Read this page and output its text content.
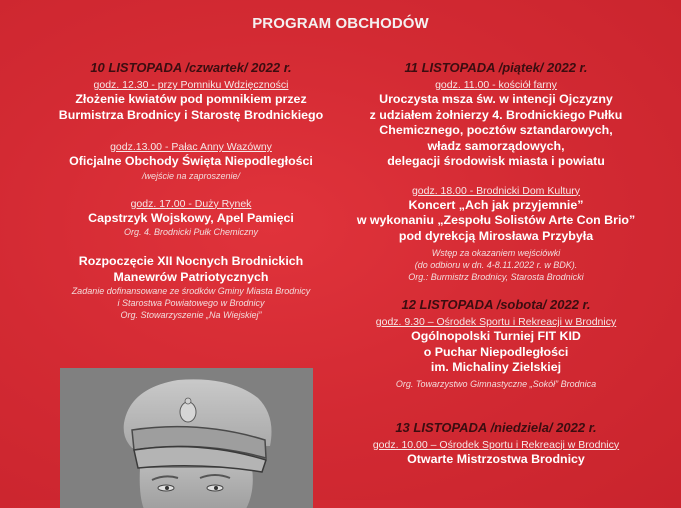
PROGRAM OBCHODÓW
10 LISTOPADA /czwartek/ 2022 r.
godz. 12.30 - przy Pomniku Wdzięczności
Złożenie kwiatów pod pomnikiem przez
Burmistrza Brodnicy i Starostę Brodnickiego
godz.13.00 - Pałac Anny Wazówny
Oficjalne Obchody Święta Niepodległości
/wejście na zaproszenie/
godz. 17.00 - Duży Rynek
Capstrzyk Wojskowy, Apel Pamięci
Org. 4. Brodnicki Pułk Chemiczny
Rozpoczęcie XII Nocnych Brodnickich
Manewrów Patriotycznych
Zadanie dofinansowane ze środków Gminy Miasta Brodnicy
i Starostwa Powiatowego w Brodnicy
Org. Stowarzyszenie „Na Wiejskiej”
11 LISTOPADA /piątek/ 2022 r.
godz. 11.00 - kościół farny
Uroczysta msza św. w intencji Ojczyzny
z udziałem żołnierzy 4. Brodnickiego Pułku
Chemicznego, pocztów sztandarowych,
władz samorządowych,
delegacji środowisk miasta i powiatu
godz. 18.00 - Brodnicki Dom Kultury
Koncert „Ach jak przyjemnie”
w wykonaniu „Zespołu Solistów Arte Con Brio”
pod dyrekcją Mirosława Przybyła
Wstęp za okazaniem wejściówki
(do odbioru w dn. 4-8.11.2022 r. w BDK).
Org.: Burmistrz Brodnicy, Starosta Brodnicki
12 LISTOPADA /sobota/ 2022 r.
godz. 9.30 – Ośrodek Sportu i Rekreacji w Brodnicy
Ogólnopolski Turniej FIT KID
o Puchar Niepodległości
im. Michaliny Zielskiej
Org. Towarzystwo Gimnastyczne „Sokół” Brodnica
13 LISTOPADA /niedziela/ 2022 r.
godz. 10.00 – Ośrodek Sportu i Rekreacji w Brodnicy
Otwarte Mistrzostwa Brodnicy
